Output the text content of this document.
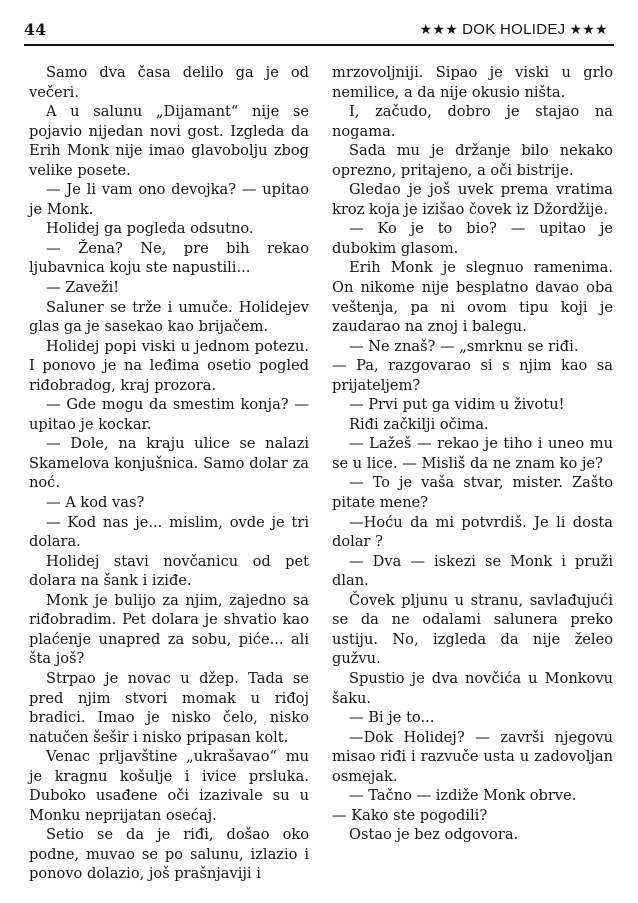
44	★★★ DOK HOLIDEJ ★★★

Samo dva časa delilo ga je od večeri.

A u salunu „Dijamant“ nije se pojavio nijedan novi gost. Izgleda da Erih Monk nije imao glavobolju zbog velike posete.

— Je li vam ono devojka? — upitao je Monk.

Holidej ga pogleda odsutno.

— Žena? Ne, pre bih rekao ljubavnica koju ste napustili...

— Zaveži!

Saluner se trže i umuče. Holidejev glas ga je sasekao kao brijačem.

Holidej popi viski u jednom potezu. I ponovo je na leđima osetio pogled riđobradog, kraj prozora.

— Gde mogu da smestim konja? — upitao je kockar.

— Dole, na kraju ulice se nalazi Skamelova konjušnica. Samo dolar za noć.

— A kod vas?

— Kod nas je... mislim, ovde je tri dolara.

Holidej stavi novčanicu od pet dolara na šank i iziđe.

Monk je bulijo za njim, zajedno sa riđobradim. Pet dolara je shvatio kao plaćenje unapred za sobu, piće... ali šta još?

Strpao je novac u džep. Tada se pred njim stvori momak u riđoj bradici. Imao je nisko čelo, nisko natučen šešir i nisko pripasan kolt.

Venac prljavštine „ukrašavao“ mu je kragnu košulje i ivice prsluka. Duboko usađene oči izazivale su u Monku neprijatan osećaj.

Setio se da je riđi, došao oko podne, muvao se po salunu, izlazio i ponovo dolazio, još prašnjaviji i

mrzovoljniji. Sipao je viski u grlo nemilice, a da nije okusio ništa.

I, začudo, dobro je stajao na nogama.

Sada mu je držanje bilo nekako oprezno, pritajeno, a oči bistrije.

Gledao je još uvek prema vratima kroz koja je izišao čovek iz Džordžije.

— Ko je to bio? — upitao je dubokim glasom.

Erih Monk je slegnuo ramenima. On nikome nije besplatno davao oba veštenja, pa ni ovom tipu koji je zaudarao na znoj i balegu.

— Ne znaš? — „smrknu se riđi.

— Pa, razgovarao si s njim kao sa prijateljem?

— Prvi put ga vidim u životu!

Riđi začkilji očima.

— Lažeš — rekao je tiho i uneo mu se u lice. — Misliš da ne znam ko je?

— To je vaša stvar, mister. Zašto pitate mene?

—Hoću da mi potvrdiš. Je li dosta dolar ?

— Dva — iskezi se Monk i pruži dlan.

Čovek pljunu u stranu, savlađujući se da ne odalami salunera preko ustiju. No, izgleda da nije želeo gužvu.

Spustio je dva novčića u Monkovu šaku.

— Bi je to...

—Dok Holidej? — završi njegovu misao riđi i razvuče usta u zadovoljan osmejak.

— Tačno — izdiže Monk obrve.

— Kako ste pogodili?

Ostao je bez odgovora.
